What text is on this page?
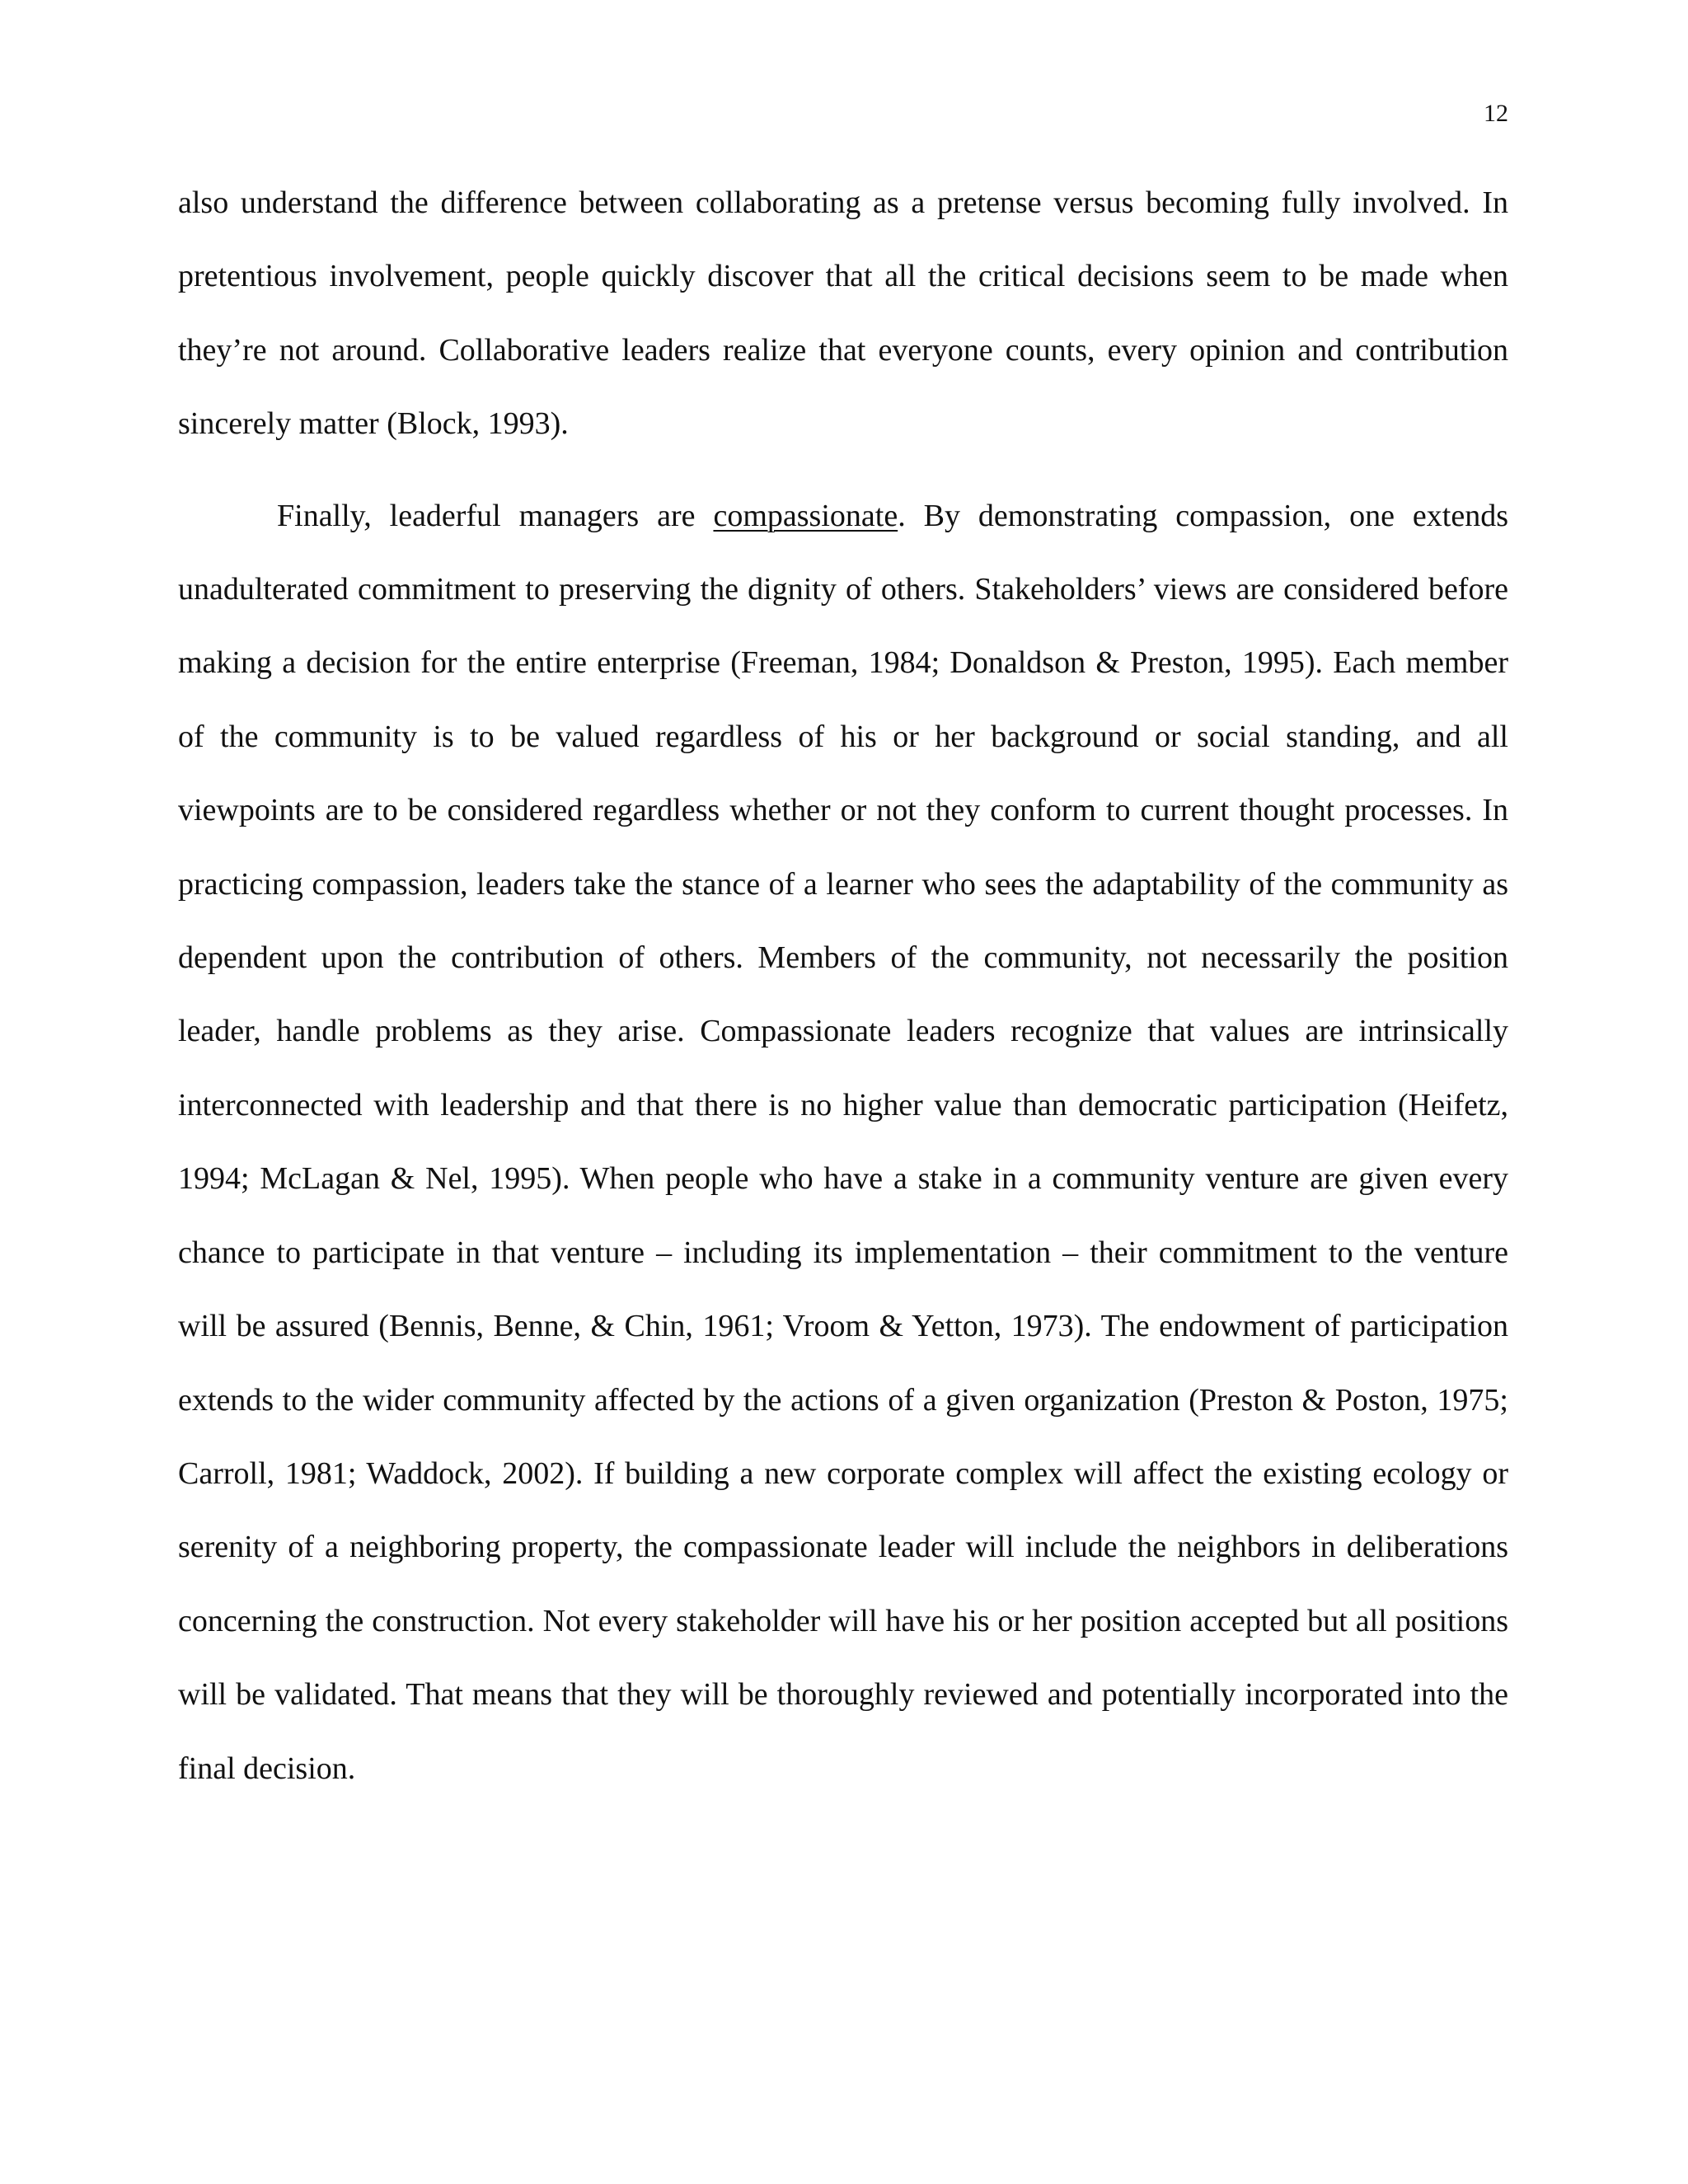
12

also understand the difference between collaborating as a pretense versus becoming fully involved. In pretentious involvement, people quickly discover that all the critical decisions seem to be made when they’re not around. Collaborative leaders realize that everyone counts, every opinion and contribution sincerely matter (Block, 1993).

Finally, leaderful managers are compassionate. By demonstrating compassion, one extends unadulterated commitment to preserving the dignity of others. Stakeholders’ views are considered before making a decision for the entire enterprise (Freeman, 1984; Donaldson & Preston, 1995). Each member of the community is to be valued regardless of his or her background or social standing, and all viewpoints are to be considered regardless whether or not they conform to current thought processes. In practicing compassion, leaders take the stance of a learner who sees the adaptability of the community as dependent upon the contribution of others. Members of the community, not necessarily the position leader, handle problems as they arise. Compassionate leaders recognize that values are intrinsically interconnected with leadership and that there is no higher value than democratic participation (Heifetz, 1994; McLagan & Nel, 1995). When people who have a stake in a community venture are given every chance to participate in that venture – including its implementation – their commitment to the venture will be assured (Bennis, Benne, & Chin, 1961; Vroom & Yetton, 1973). The endowment of participation extends to the wider community affected by the actions of a given organization (Preston & Poston, 1975; Carroll, 1981; Waddock, 2002). If building a new corporate complex will affect the existing ecology or serenity of a neighboring property, the compassionate leader will include the neighbors in deliberations concerning the construction. Not every stakeholder will have his or her position accepted but all positions will be validated. That means that they will be thoroughly reviewed and potentially incorporated into the final decision.
